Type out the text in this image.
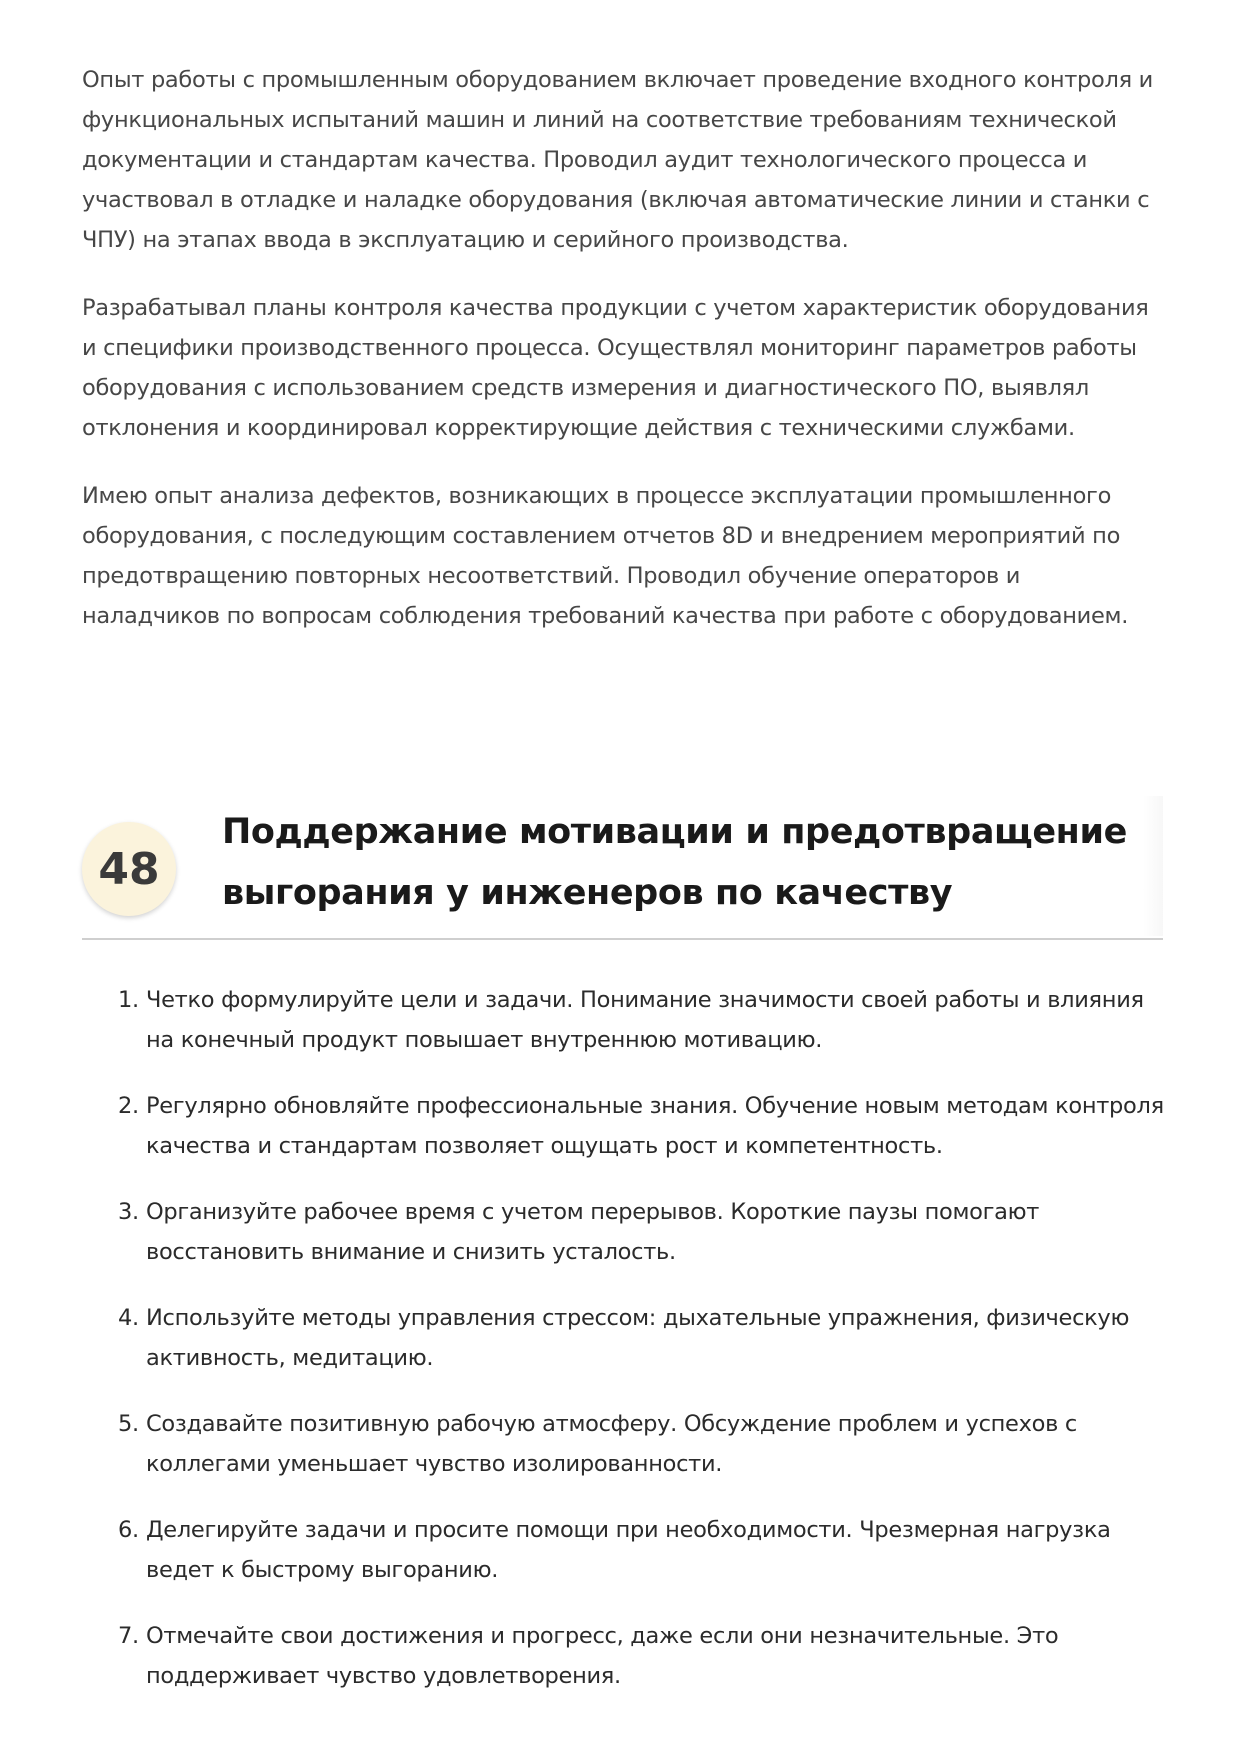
Опыт работы с промышленным оборудованием включает проведение входного контроля и функциональных испытаний машин и линий на соответствие требованиям технической документации и стандартам качества. Проводил аудит технологического процесса и участвовал в отладке и наладке оборудования (включая автоматические линии и станки с ЧПУ) на этапах ввода в эксплуатацию и серийного производства.

Разрабатывал планы контроля качества продукции с учетом характеристик оборудования и специфики производственного процесса. Осуществлял мониторинг параметров работы оборудования с использованием средств измерения и диагностического ПО, выявлял отклонения и координировал корректирующие действия с техническими службами.

Имею опыт анализа дефектов, возникающих в процессе эксплуатации промышленного оборудования, с последующим составлением отчетов 8D и внедрением мероприятий по предотвращению повторных несоответствий. Проводил обучение операторов и наладчиков по вопросам соблюдения требований качества при работе с оборудованием.

48
Поддержание мотивации и предотвращение выгорания у инженеров по качеству
1. Четко формулируйте цели и задачи. Понимание значимости своей работы и влияния на конечный продукт повышает внутреннюю мотивацию.
2. Регулярно обновляйте профессиональные знания. Обучение новым методам контроля качества и стандартам позволяет ощущать рост и компетентность.
3. Организуйте рабочее время с учетом перерывов. Короткие паузы помогают восстановить внимание и снизить усталость.
4. Используйте методы управления стрессом: дыхательные упражнения, физическую активность, медитацию.
5. Создавайте позитивную рабочую атмосферу. Обсуждение проблем и успехов с коллегами уменьшает чувство изолированности.
6. Делегируйте задачи и просите помощи при необходимости. Чрезмерная нагрузка ведет к быстрому выгоранию.
7. Отмечайте свои достижения и прогресс, даже если они незначительные. Это поддерживает чувство удовлетворения.
